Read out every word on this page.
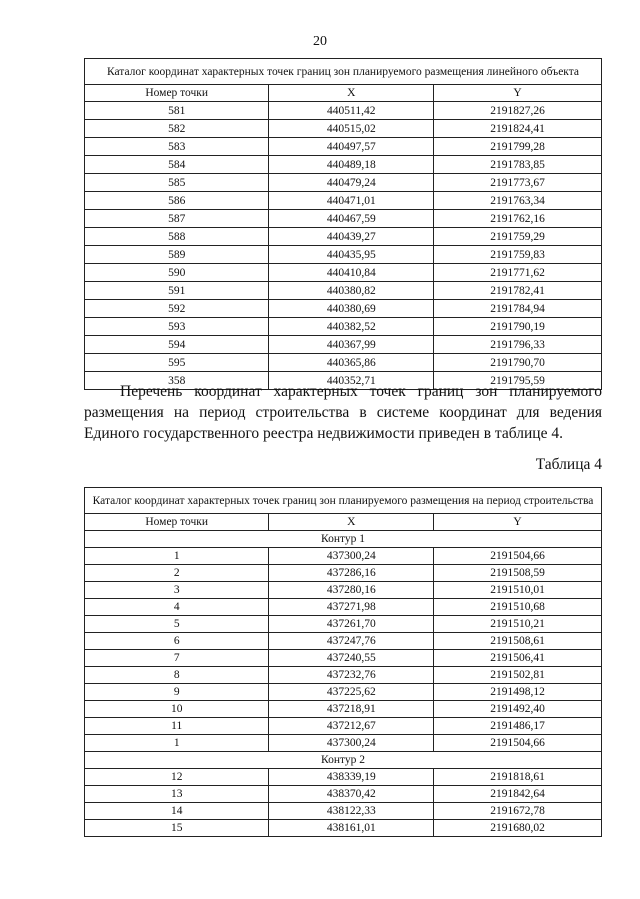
20
Каталог координат характерных точек границ зон планируемого размещения линейного объекта		
Номер точки	X	Y
581	440511,42	2191827,26
582	440515,02	2191824,41
583	440497,57	2191799,28
584	440489,18	2191783,85
585	440479,24	2191773,67
586	440471,01	2191763,34
587	440467,59	2191762,16
588	440439,27	2191759,29
589	440435,95	2191759,83
590	440410,84	2191771,62
591	440380,82	2191782,41
592	440380,69	2191784,94
593	440382,52	2191790,19
594	440367,99	2191796,33
595	440365,86	2191790,70
358	440352,71	2191795,59
Перечень координат характерных точек границ зон планируемого размещения на период строительства в системе координат для ведения Единого государственного реестра недвижимости приведен в таблице 4.
Таблица 4
Каталог координат характерных точек границ зон планируемого размещения на период строительства		
Номер точки	X	Y
Контур 1		
1	437300,24	2191504,66
2	437286,16	2191508,59
3	437280,16	2191510,01
4	437271,98	2191510,68
5	437261,70	2191510,21
6	437247,76	2191508,61
7	437240,55	2191506,41
8	437232,76	2191502,81
9	437225,62	2191498,12
10	437218,91	2191492,40
11	437212,67	2191486,17
1	437300,24	2191504,66
Контур 2		
12	438339,19	2191818,61
13	438370,42	2191842,64
14	438122,33	2191672,78
15	438161,01	2191680,02
